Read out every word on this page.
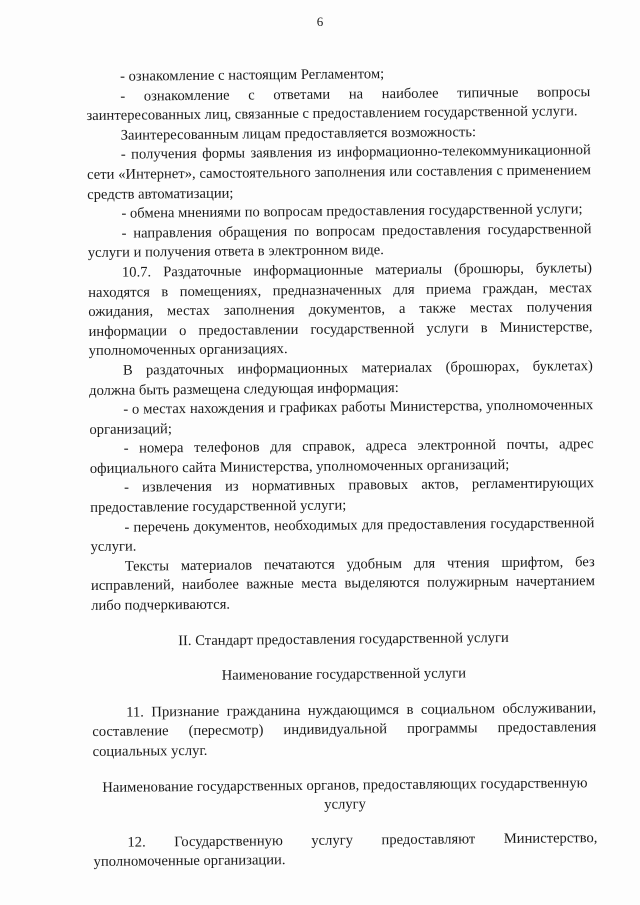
6

- ознакомление с настоящим Регламентом;

- ознакомление с ответами на наиболее типичные вопросы заинтересованных лиц, связанные с предоставлением государственной услуги.

Заинтересованным лицам предоставляется возможность:

- получения формы заявления из информационно-телекоммуникационной сети «Интернет», самостоятельного заполнения или составления с применением средств автоматизации;

- обмена мнениями по вопросам предоставления государственной услуги;

- направления обращения по вопросам предоставления государственной услуги и получения ответа в электронном виде.

10.7. Раздаточные информационные материалы (брошюры, буклеты) находятся в помещениях, предназначенных для приема граждан, местах ожидания, местах заполнения документов, а также местах получения информации о предоставлении государственной услуги в Министерстве, уполномоченных организациях.

В раздаточных информационных материалах (брошюрах, буклетах) должна быть размещена следующая информация:

- о местах нахождения и графиках работы Министерства, уполномоченных организаций;

- номера телефонов для справок, адреса электронной почты, адрес официального сайта Министерства, уполномоченных организаций;

- извлечения из нормативных правовых актов, регламентирующих предоставление государственной услуги;

- перечень документов, необходимых для предоставления государственной услуги.

Тексты материалов печатаются удобным для чтения шрифтом, без исправлений, наиболее важные места выделяются полужирным начертанием либо подчеркиваются.

II. Стандарт предоставления государственной услуги

Наименование государственной услуги

11. Признание гражданина нуждающимся в социальном обслуживании, составление (пересмотр) индивидуальной программы предоставления социальных услуг.

Наименование государственных органов, предоставляющих государственную услугу

12. Государственную услугу предоставляют Министерство, уполномоченные организации.
